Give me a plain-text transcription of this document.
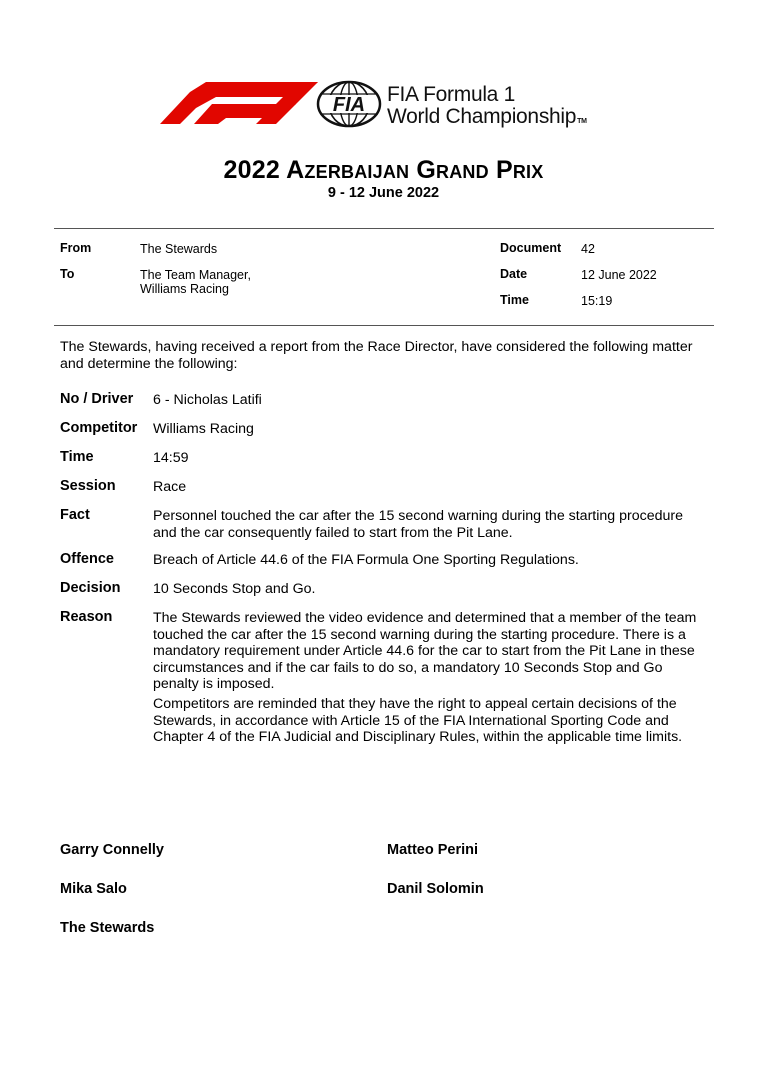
FIA FIA Formula 1
World ChampionshipTM
2022 Azerbaijan Grand Prix
9 - 12 June 2022
From	The Stewards
To	The Team Manager,
Williams Racing
Document 42
Date	12 June 2022
Time	15:19
The Stewards, having received a report from the Race Director, have considered the following matter and determine the following:
No / Driver 6 - Nicholas Latifi
Competitor Williams Racing
Time	14:59
Session	Race
Fact	Personnel touched the car after the 15 second warning during the starting procedure and the car consequently failed to start from the Pit Lane.
Offence	Breach of Article 44.6 of the FIA Formula One Sporting Regulations.
Decision 10 Seconds Stop and Go.
Reason	The Stewards reviewed the video evidence and determined that a member of the team touched the car after the 15 second warning during the starting procedure. There is a mandatory requirement under Article 44.6 for the car to start from the Pit Lane in these circumstances and if the car fails to do so, a mandatory 10 Seconds Stop and Go penalty is imposed.
Competitors are reminded that they have the right to appeal certain decisions of the Stewards, in accordance with Article 15 of the FIA International Sporting Code and Chapter 4 of the FIA Judicial and Disciplinary Rules, within the applicable time limits.
Garry Connelly	Matteo Perini
Mika Salo	Danil Solomin
The Stewards
